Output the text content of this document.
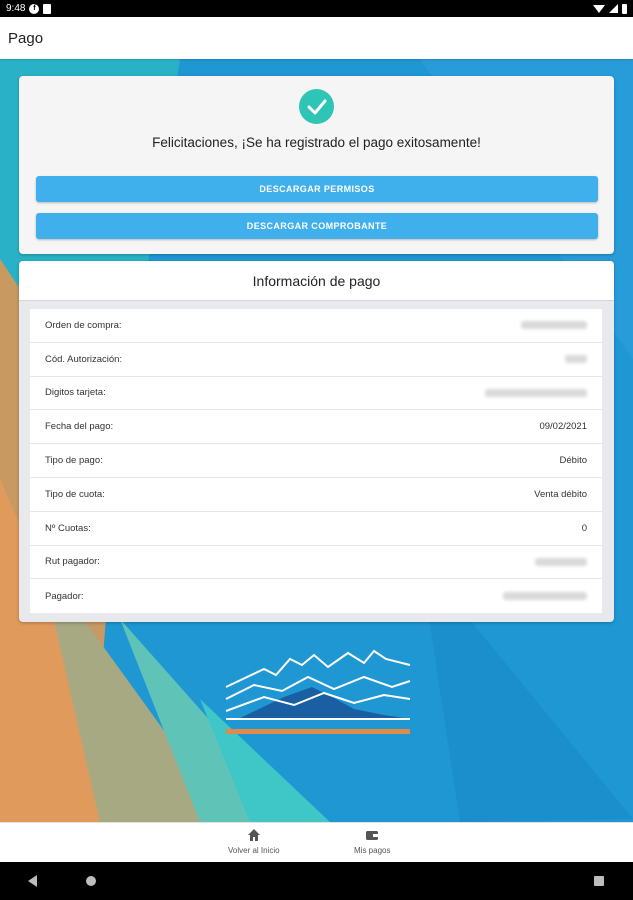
9:48	f
Pago
Felicitaciones, ¡Se ha registrado el pago exitosamente!
DESCARGAR PERMISOS
DESCARGAR COMPROBANTE
Información de pago
Orden de compra:
Cód. Autorización:
Digitos tarjeta:
Fecha del pago:	09/02/2021
Tipo de pago:	Débito
Tipo de cuota:	Venta débito
Nº Cuotas:	0
Rut pagador:
Pagador:
Volver al Inicio	Mis pagos
